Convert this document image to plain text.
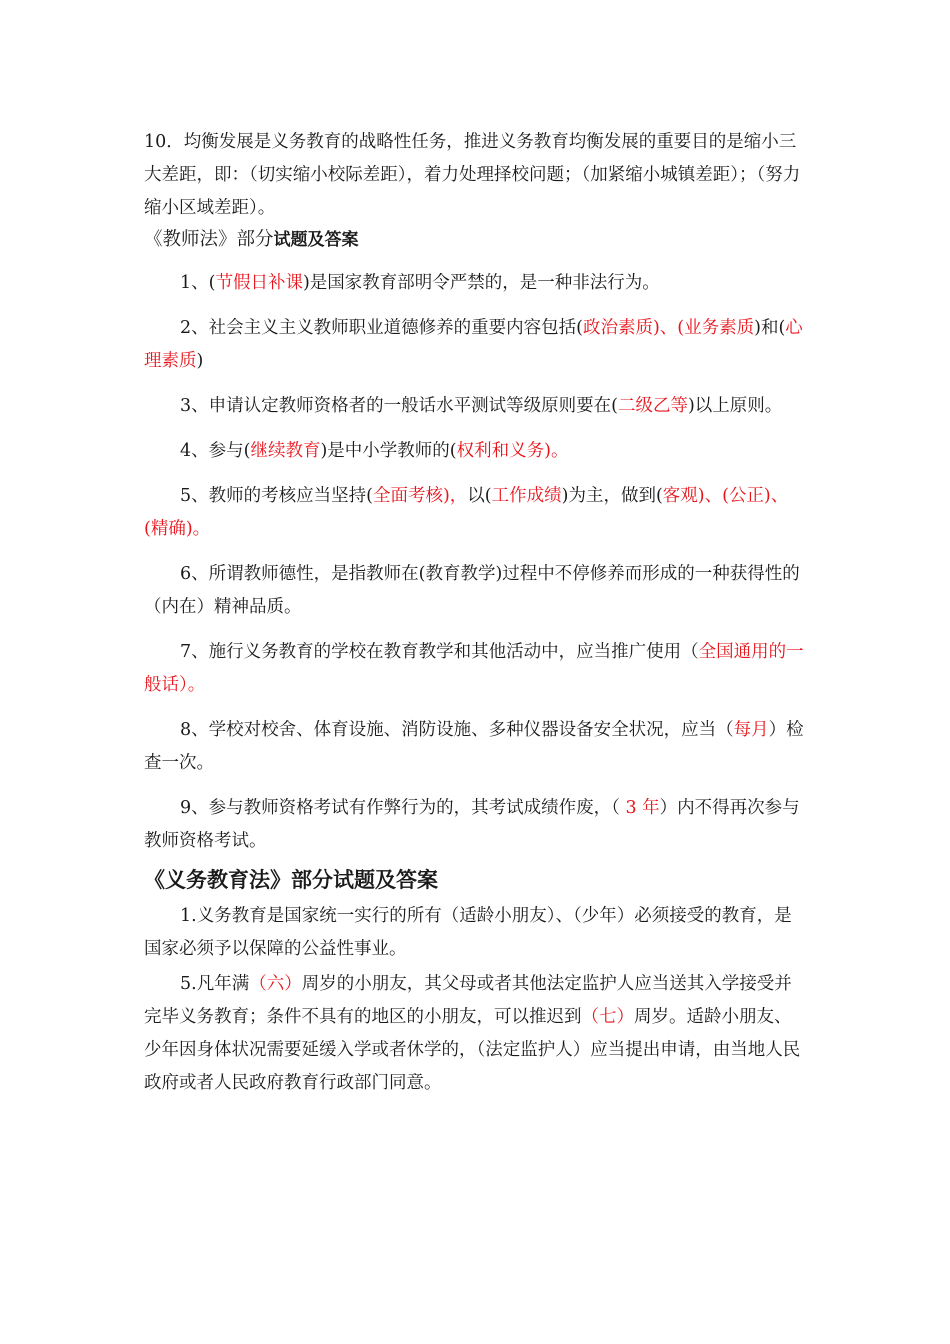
10．均衡发展是义务教育的战略性任务，推进义务教育均衡发展的重要目的是缩小三大差距，即：（切实缩小校际差距），着力处理择校问题；（加紧缩小城镇差距）；（努力缩小区域差距）。

《教师法》部分试题及答案

1、(节假日补课)是国家教育部明令严禁的，是一种非法行为。

2、社会主义主义教师职业道德修养的重要内容包括(政治素质)、(业务素质)和(心理素质)

3、申请认定教师资格者的一般话水平测试等级原则要在(二级乙等)以上原则。

4、参与(继续教育)是中小学教师的(权利和义务)。

5、教师的考核应当坚持(全面考核)，以(工作成绩)为主，做到(客观)、(公正)、(精确)。

6、所谓教师德性，是指教师在(教育教学)过程中不停修养而形成的一种获得性的（内在）精神品质。

7、施行义务教育的学校在教育教学和其他活动中，应当推广使用（全国通用的一般话）。

8、学校对校舍、体育设施、消防设施、多种仪器设备安全状况，应当（每月）检查一次。

9、参与教师资格考试有作弊行为的，其考试成绩作废，（ 3 年）内不得再次参与教师资格考试。

《义务教育法》部分试题及答案

1.义务教育是国家统一实行的所有（适龄小朋友）、（少年）必须接受的教育，是国家必须予以保障的公益性事业。

5.凡年满（六）周岁的小朋友，其父母或者其他法定监护人应当送其入学接受并完毕义务教育；条件不具有的地区的小朋友，可以推迟到（七）周岁。适龄小朋友、少年因身体状况需要延缓入学或者休学的，（法定监护人）应当提出申请，由当地人民政府或者人民政府教育行政部门同意。
